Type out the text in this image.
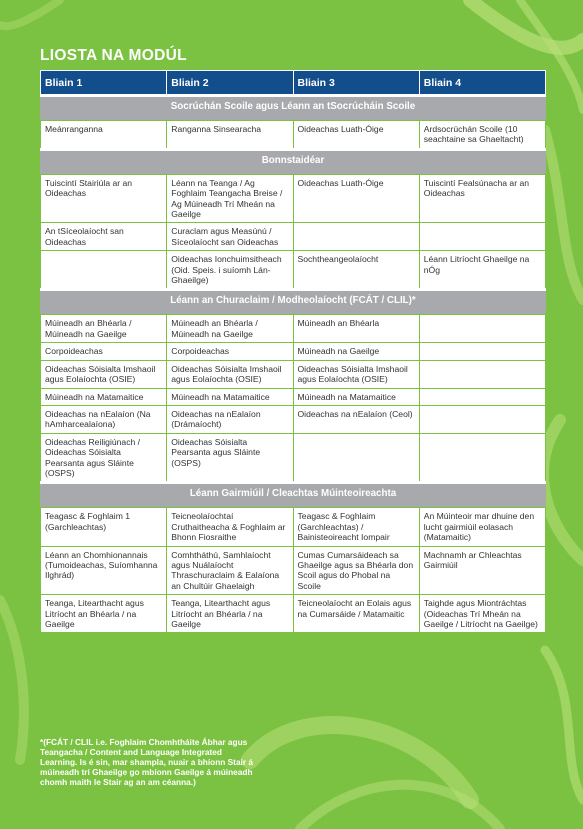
LIOSTA NA MODÚL
Bliain 1	Bliain 2	Bliain 3	Bliain 4
Socrúchán Scoile agus Léann an tSocrúcháin Scoile			
Meánranganna	Ranganna Sinsearacha	Oideachas Luath-Óige	Ardsocrúchán Scoile (10 seachtaine sa Ghaeltacht)
Bonnstaidéar			
Tuiscintí Stairiúla ar an Oideachas	Léann na Teanga / Ag Foghlaim Teangacha Breise / Ag Múineadh Trí Mheán na Gaeilge	Oideachas Luath-Óige	Tuiscintí Fealsúnacha ar an Oideachas
An tSíceolaíocht san Oideachas	Curaclam agus Measúnú / Síceolaíocht san Oideachas		
	Oideachas Ionchuimsitheach (Oid. Speis. i suíomh Lán-Ghaeilge)	Sochtheangeolaíocht	Léann Litríocht Ghaeilge na nÓg
Léann an Churaclaim / Modheolaíocht (FCÁT / CLIL)*			
Múineadh an Bhéarla / Múineadh na Gaeilge	Múineadh an Bhéarla / Múineadh na Gaeilge	Múineadh an Bhéarla	
Corpoideachas	Corpoideachas	Múineadh na Gaeilge	
Oideachas Sóisialta Imshaoil agus Eolaíochta (OSIE)	Oideachas Sóisialta Imshaoil agus Eolaíochta (OSIE)	Oideachas Sóisialta Imshaoil agus Eolaíochta (OSIE)	
Múineadh na Matamaitice	Múineadh na Matamaitice	Múineadh na Matamaitice	
Oideachas na nEalaíon (Na hAmharcealaíona)	Oideachas na nEalaíon (Drámaíocht)	Oideachas na nEalaíon (Ceol)	
Oideachas Reiligiúnach / Oideachas Sóisialta Pearsanta agus Sláinte (OSPS)	Oideachas Sóisialta Pearsanta agus Sláinte (OSPS)		
Léann Gairmiúil / Cleachtas Múinteoireachta			
Teagasc & Foghlaim 1 (Garchleachtas)	Teicneolaíochtaí Cruthaitheacha & Foghlaim ar Bhonn Fiosraithe	Teagasc & Foghlaim (Garchleachtas) / Bainisteoireacht Iompair	An Múinteoir mar dhuine den lucht gairmiúil eolasach (Matamaitic)
Léann an Chomhionannais (Tumoideachas, Suíomhanna Ilghrád)	Comhtháthú, Samhlaíocht agus Nuálaíocht Thraschuraclaim & Ealaíona an Chultúir Ghaelaigh	Cumas Cumarsáideach sa Ghaeilge agus sa Bhéarla don Scoil agus do Phobal na Scoile	Machnamh ar Chleachtas Gairmiúil
Teanga, Litearthacht agus Litríocht an Bhéarla / na Gaeilge	Teanga, Litearthacht agus Litríocht an Bhéarla / na Gaeilge	Teicneolaíocht an Eolais agus na Cumarsáide / Matamaitic	Taighde agus Miontráchtas (Oideachas Trí Mheán na Gaeilge / Litríocht na Gaeilge)
*(FCÁT / CLIL i.e. Foghlaim Chomhtháite Ábhar agus Teangacha / Content and Language Integrated Learning. Is é sin, mar shampla, nuair a bhíonn Stair á múineadh trí Ghaeilge go mbíonn Gaeilge á múineadh chomh maith le Stair ag an am céanna.)
